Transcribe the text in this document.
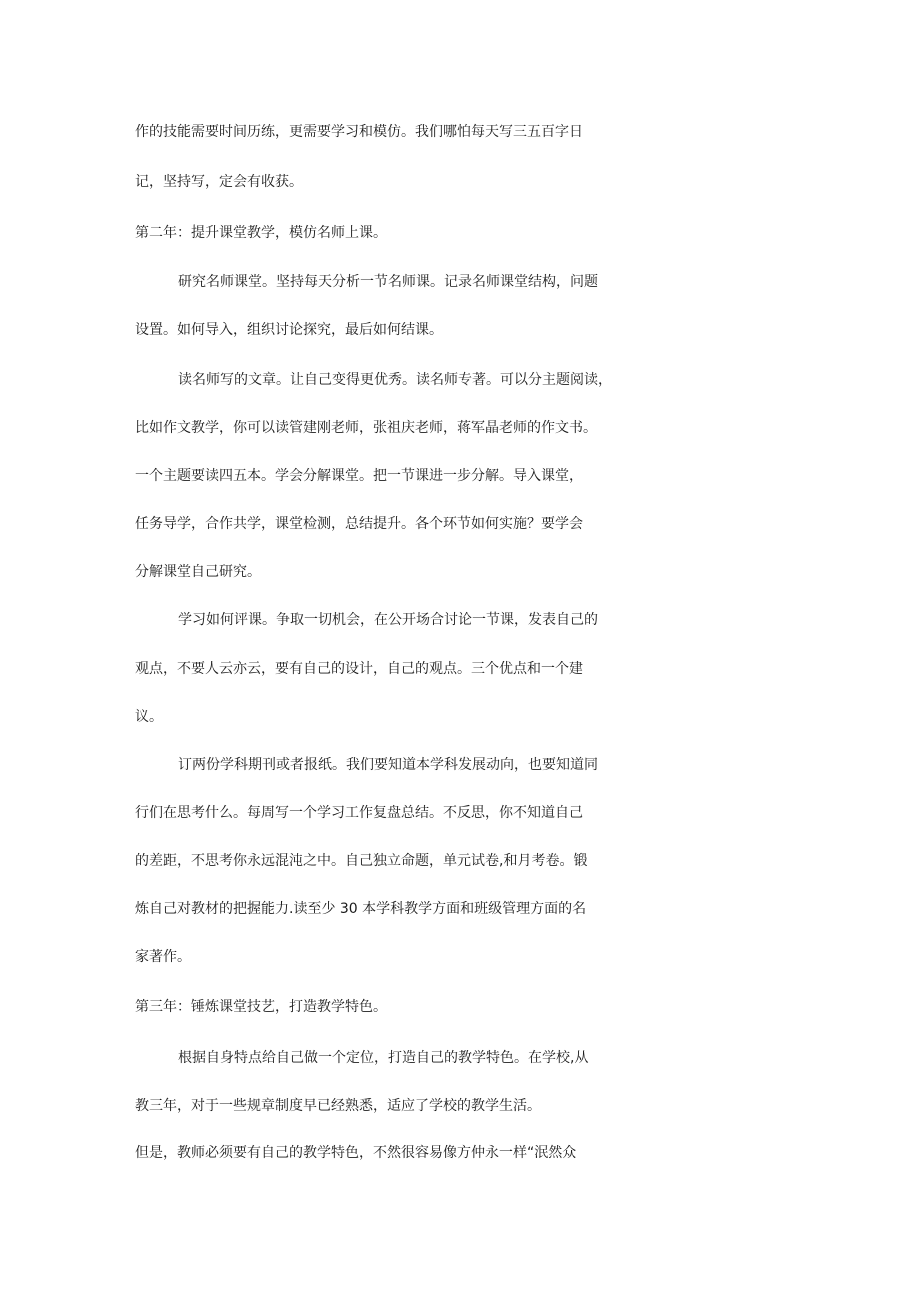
作的技能需要时间历练，更需要学习和模仿。我们哪怕每天写三五百字日
记，坚持写，定会有收获。
第二年：提升课堂教学，模仿名师上课。
研究名师课堂。坚持每天分析一节名师课。记录名师课堂结构，问题
设置。如何导入，组织讨论探究，最后如何结课。
读名师写的文章。让自己变得更优秀。读名师专著。可以分主题阅读，
比如作文教学，你可以读管建刚老师，张祖庆老师，蒋军晶老师的作文书。
一个主题要读四五本。学会分解课堂。把一节课进一步分解。导入课堂，
任务导学，合作共学，课堂检测，总结提升。各个环节如何实施？要学会
分解课堂自己研究。
学习如何评课。争取一切机会，在公开场合讨论一节课，发表自己的
观点，不要人云亦云，要有自己的设计，自己的观点。三个优点和一个建
议。
订两份学科期刊或者报纸。我们要知道本学科发展动向，也要知道同
行们在思考什么。每周写一个学习工作复盘总结。不反思，你不知道自己
的差距，不思考你永远混沌之中。自己独立命题，单元试卷,和月考卷。锻
炼自己对教材的把握能力.读至少 30 本学科教学方面和班级管理方面的名
家著作。
第三年：锤炼课堂技艺，打造教学特色。
根据自身特点给自己做一个定位，打造自己的教学特色。在学校,从
教三年，对于一些规章制度早已经熟悉，适应了学校的教学生活。
但是，教师必须要有自己的教学特色，不然很容易像方仲永一样“泯然众
